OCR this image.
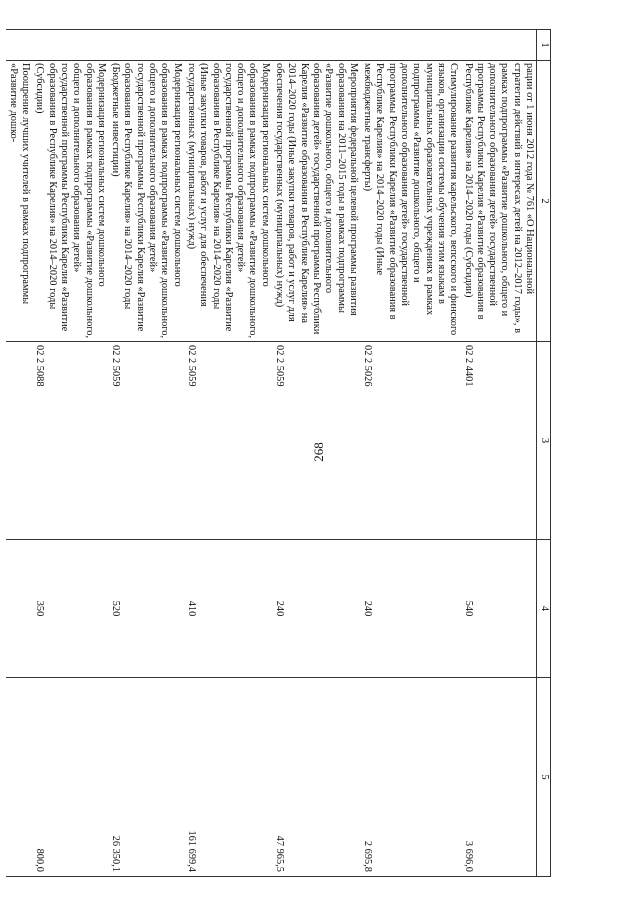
268
1	2	3	4	5
	рации от 1 июня 2012 года № 761 «О Национальной стратегии действий в интересах детей на 2012–2017 годы», в рамках подпрограммы «Развитие дошкольного, общего и дополнительного образования детей» государственной программы Республики Карелия «Развитие образования в Республике Карелия» на 2014–2020 годы (Субсидии)	02 2 4401	540	3 696,0
	Стимулирование развития карельского, вепсского и финского языков, организации системы обучения этим языкам в муниципальных образовательных учреждениях в рамках подпрограммы «Развитие дошкольного, общего и дополнительного образования детей» государственной программы Республики Карелия «Развитие образования в Республике Карелия» на 2014–2020 годы (Иные межбюджетные трансферты)	02 2 5026	240	2 695,8
	Мероприятия федеральной целевой программы развития образования на 2011–2015 годы в рамках подпрограммы «Развитие дошкольного, общего и дополнительного образования детей» государственной программы Республики Карелия «Развитие образования в Республике Карелия» на 2014–2020 годы (Иные закупки товаров, работ и услуг для обеспечения государственных (муниципальных) нужд)	02 2 5059	240	47 965,5
	Модернизация региональных систем дошкольного образования в рамках подпрограммы «Развитие дошкольного, общего и дополнительного образования детей» государственной программы Республики Карелия «Развитие образования в Республике Карелия» на 2014–2020 годы (Иные закупки товаров, работ и услуг для обеспечения государственных (муниципальных) нужд)	02 2 5059	410	161 699,4
	Модернизация региональных систем дошкольного образования в рамках подпрограммы «Развитие дошкольного, общего и дополнительного образования детей» государственной программы Республики Карелия «Развитие образования в Республике Карелия» на 2014–2020 годы (Бюджетные инвестиции)	02 2 5059	520	26 350,1
	Модернизация региональных систем дошкольного образования в рамках подпрограммы «Развитие дошкольного, общего и дополнительного образования детей» государственной программы Республики Карелия «Развитие образования в Республике Карелия» на 2014–2020 годы (Субсидии)	02 2 5088	350	800,0
	Поощрение лучших учителей в рамках подпрограммы «Развитие дошко-			
